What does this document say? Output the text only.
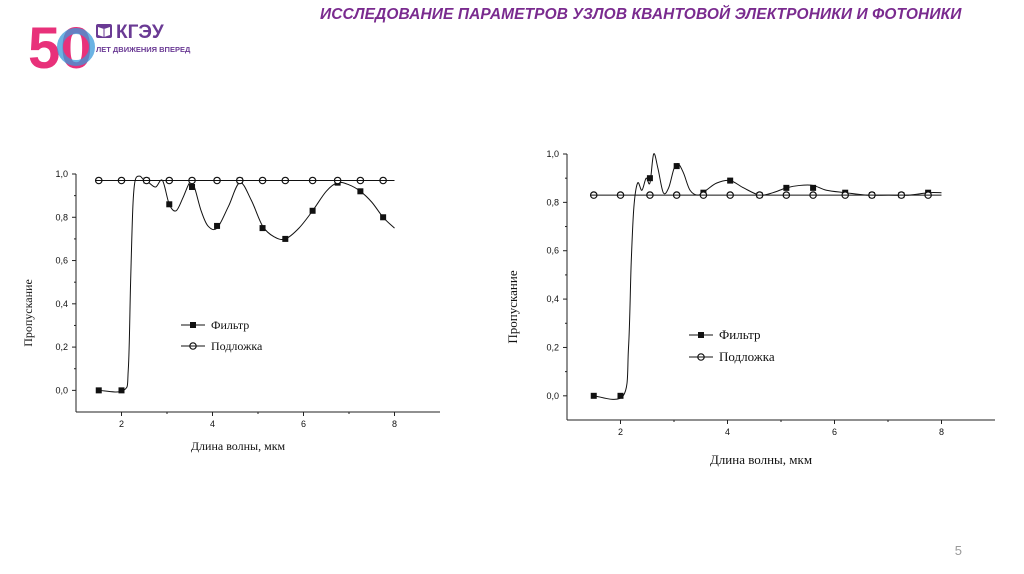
50 КГЭУ
ЛЕТ ДВИЖЕНИЯ ВПЕРЕД
ИССЛЕДОВАНИЕ ПАРАМЕТРОВ УЗЛОВ КВАНТОВОЙ ЭЛЕКТРОНИКИ И ФОТОНИКИ
0,0
0,2
0,4
0,6
0,8
1,0
2	4	6	8
Длина волны, мкм
Пропускание	Фильтр
Подложка
0,0
0,2
0,4
0,6
0,8
1,0
2	4	6	8
Длина волны, мкм
Пропускание	Фильтр
Подложка
5
